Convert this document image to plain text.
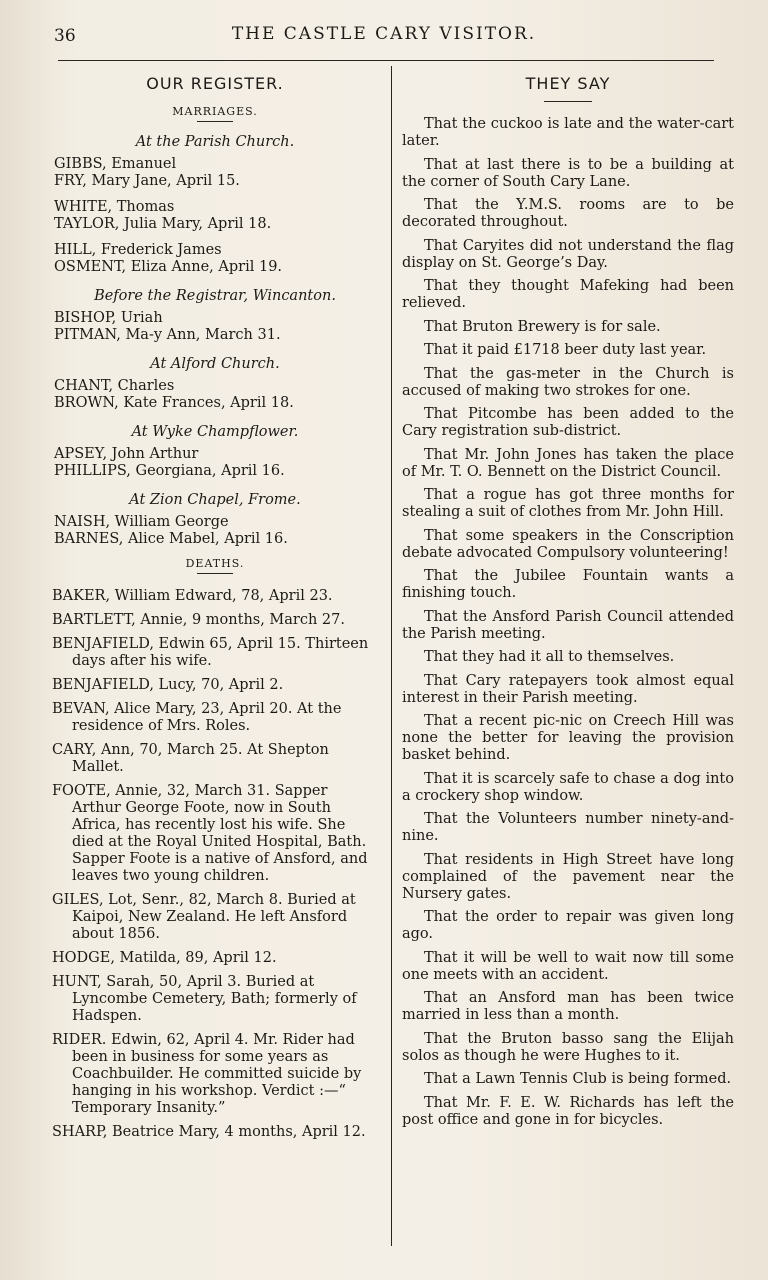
36	THE CASTLE CARY VISITOR.
OUR REGISTER.
MARRIAGES.
At the Parish Church.
GIBBS, Emanuel
FRY, Mary Jane, April 15.
WHITE, Thomas
TAYLOR, Julia Mary, April 18.
HILL, Frederick James
OSMENT, Eliza Anne, April 19.
Before the Registrar, Wincanton.
BISHOP, Uriah
PITMAN, Ma-y Ann, March 31.
At Alford Church.
CHANT, Charles
BROWN, Kate Frances, April 18.
At Wyke Champflower.
APSEY, John Arthur
PHILLIPS, Georgiana, April 16.
At Zion Chapel, Frome.
NAISH, William George
BARNES, Alice Mabel, April 16.
DEATHS.
BAKER, William Edward, 78, April 23.
BARTLETT, Annie, 9 months, March 27.
BENJAFIELD, Edwin 65, April 15. Thirteen days after his wife.
BENJAFIELD, Lucy, 70, April 2.
BEVAN, Alice Mary, 23, April 20. At the residence of Mrs. Roles.
CARY, Ann, 70, March 25. At Shepton Mallet.
FOOTE, Annie, 32, March 31. Sapper Arthur George Foote, now in South Africa, has recently lost his wife. She died at the Royal United Hospital, Bath. Sapper Foote is a native of Ansford, and leaves two young children.
GILES, Lot, Senr., 82, March 8. Buried at Kaipoi, New Zealand. He left Ansford about 1856.
HODGE, Matilda, 89, April 12.
HUNT, Sarah, 50, April 3. Buried at Lyncombe Cemetery, Bath; formerly of Hadspen.
RIDER. Edwin, 62, April 4. Mr. Rider had been in business for some years as Coachbuilder. He committed suicide by hanging in his workshop. Verdict :—“ Temporary Insanity.”
SHARP, Beatrice Mary, 4 months, April 12.
THEY SAY

That the cuckoo is late and the water-cart later.

That at last there is to be a building at the corner of South Cary Lane.

That the Y.M.S. rooms are to be decorated throughout.

That Caryites did not understand the flag display on St. George’s Day.

That they thought Mafeking had been relieved.

That Bruton Brewery is for sale.

That it paid £1718 beer duty last year.

That the gas-meter in the Church is accused of making two strokes for one.

That Pitcombe has been added to the Cary registration sub-district.

That Mr. John Jones has taken the place of Mr. T. O. Bennett on the District Council.

That a rogue has got three months for stealing a suit of clothes from Mr. John Hill.

That some speakers in the Conscription debate advocated Compulsory volunteering!

That the Jubilee Fountain wants a finishing touch.

That the Ansford Parish Council attended the Parish meeting.

That they had it all to themselves.

That Cary ratepayers took almost equal interest in their Parish meeting.

That a recent pic-nic on Creech Hill was none the better for leaving the provision basket behind.

That it is scarcely safe to chase a dog into a crockery shop window.

That the Volunteers number ninety-and-nine.

That residents in High Street have long complained of the pavement near the Nursery gates.

That the order to repair was given long ago.

That it will be well to wait now till some one meets with an accident.

That an Ansford man has been twice married in less than a month.

That the Bruton basso sang the Elijah solos as though he were Hughes to it.

That a Lawn Tennis Club is being formed.

That Mr. F. E. W. Richards has left the post office and gone in for bicycles.
